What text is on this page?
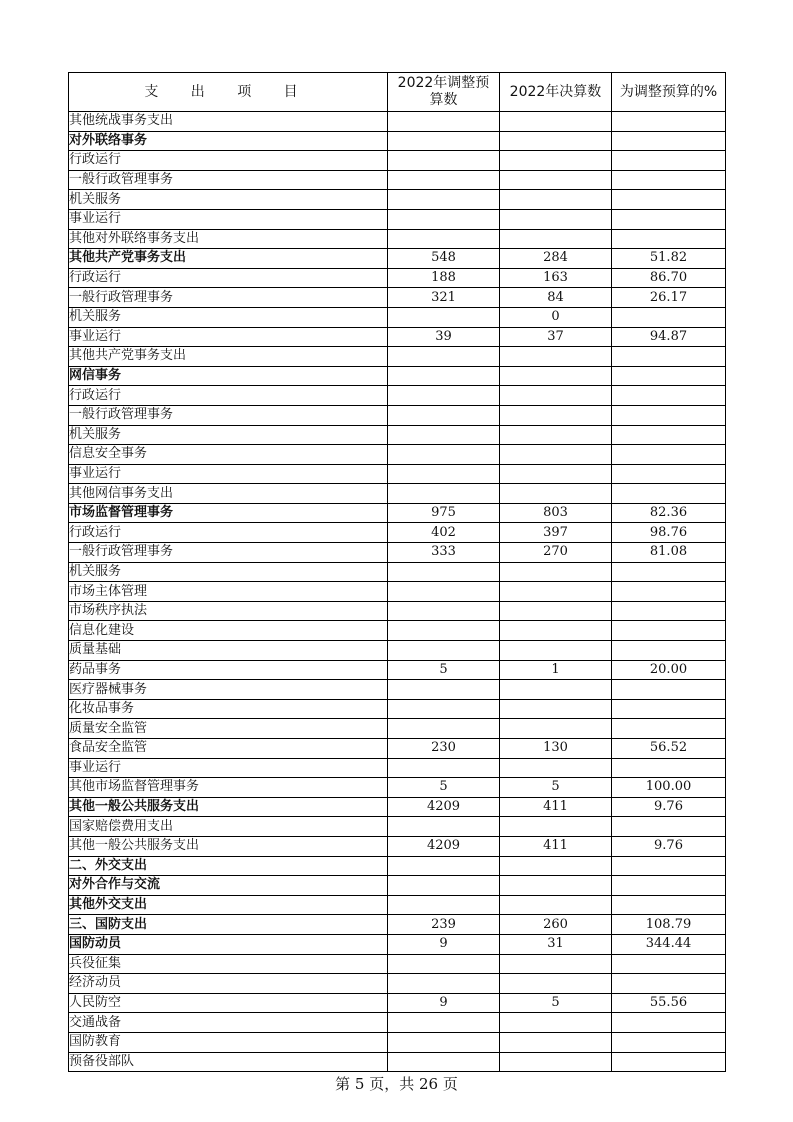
支 出 项 目	2022年调整预算数	2022年决算数	为调整预算的%
其他统战事务支出			
对外联络事务			
行政运行			
一般行政管理事务			
机关服务			
事业运行			
其他对外联络事务支出			
其他共产党事务支出	548	284	51.82
行政运行	188	163	86.70
一般行政管理事务	321	84	26.17
机关服务		0	
事业运行	39	37	94.87
其他共产党事务支出			
网信事务			
行政运行			
一般行政管理事务			
机关服务			
信息安全事务			
事业运行			
其他网信事务支出			
市场监督管理事务	975	803	82.36
行政运行	402	397	98.76
一般行政管理事务	333	270	81.08
机关服务			
市场主体管理			
市场秩序执法			
信息化建设			
质量基础			
药品事务	5	1	20.00
医疗器械事务			
化妆品事务			
质量安全监管			
食品安全监管	230	130	56.52
事业运行			
其他市场监督管理事务	5	5	100.00
其他一般公共服务支出	4209	411	9.76
国家赔偿费用支出			
其他一般公共服务支出	4209	411	9.76
二、外交支出			
对外合作与交流			
其他外交支出			
三、国防支出	239	260	108.79
国防动员	9	31	344.44
兵役征集			
经济动员			
人民防空	9	5	55.56
交通战备			
国防教育			
预备役部队			
第 5 页，共 26 页
